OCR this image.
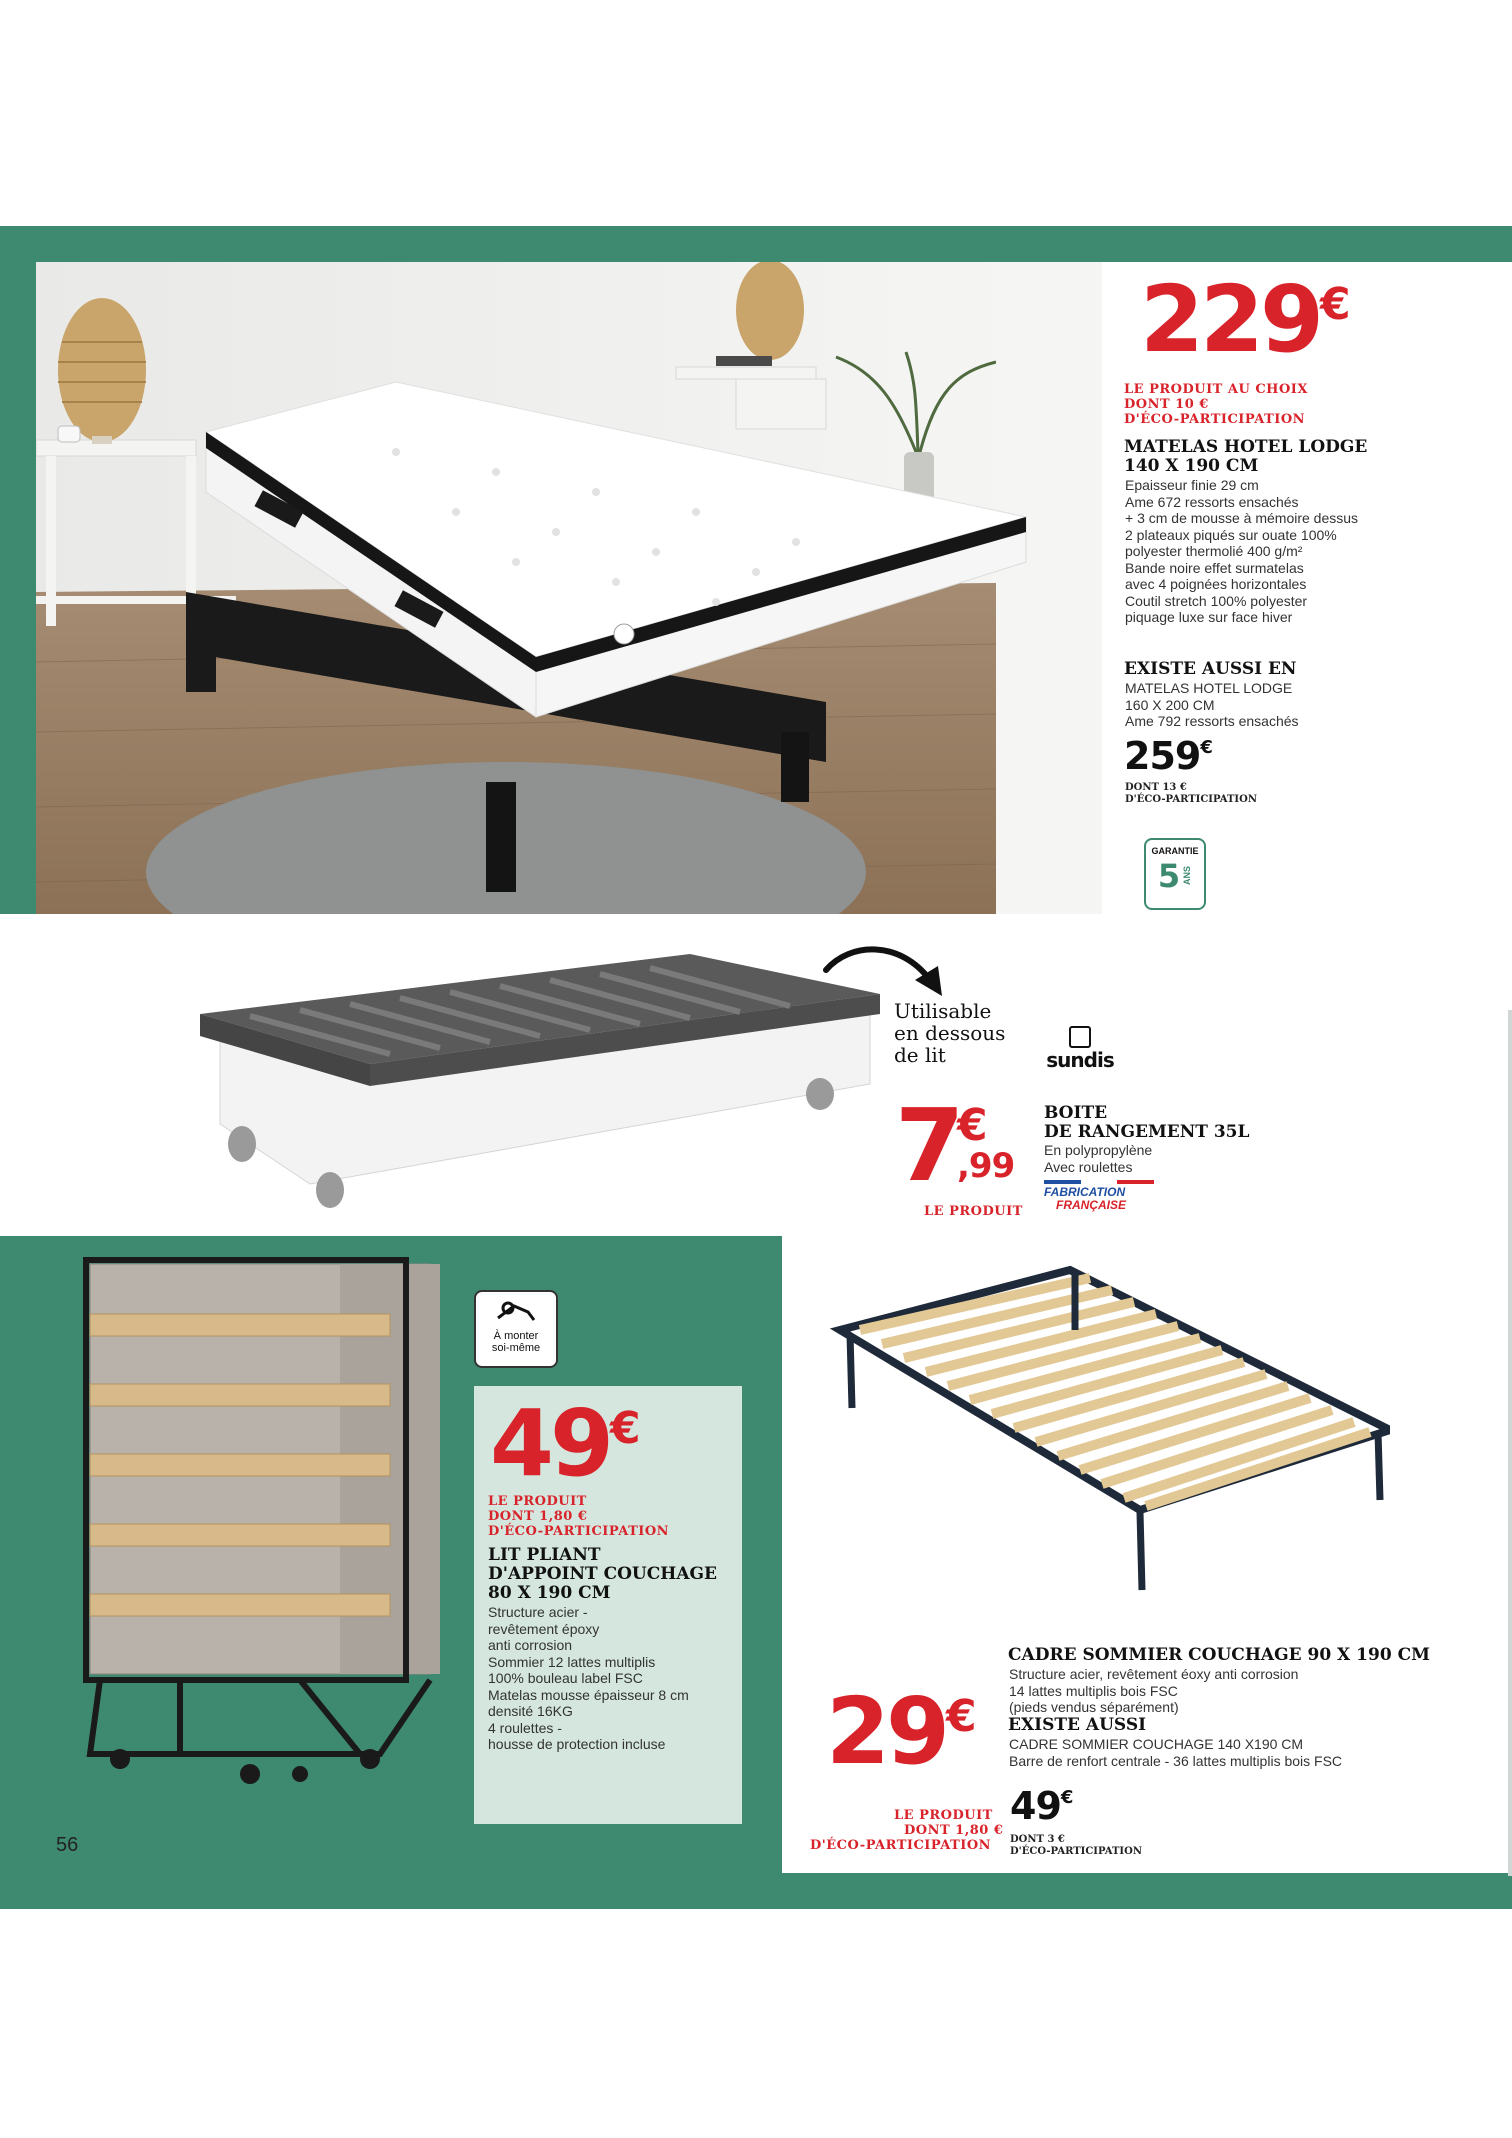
229€
LE PRODUIT AU CHOIX
DONT 10 €
D'ÉCO-PARTICIPATION
MATELAS HOTEL LODGE
140 X 190 CM
Epaisseur finie 29 cm
Ame 672 ressorts ensachés
+ 3 cm de mousse à mémoire dessus
2 plateaux piqués sur ouate 100%
polyester thermolié 400 g/m²
Bande noire effet surmatelas
avec 4 poignées horizontales
Coutil stretch 100% polyester
piquage luxe sur face hiver
EXISTE AUSSI EN
MATELAS HOTEL LODGE
160 X 200 CM
Ame 792 ressorts ensachés
259€
DONT 13 €
D'ÉCO-PARTICIPATION
GARANTIE
5 ANS
Utilisable
en dessous
de lit	sundis
BOITE
DE RANGEMENT 35L
En polypropylène
Avec roulettes
FABRICATION
FRANÇAISE
7
€
,99
LE PRODUIT
À monter
soi-même
49€
LE PRODUIT
DONT 1,80 €
D'ÉCO-PARTICIPATION
LIT PLIANT
D'APPOINT COUCHAGE
80 X 190 CM
Structure acier -
revêtement époxy
anti corrosion
Sommier 12 lattes multiplis
100% bouleau label FSC
Matelas mousse épaisseur 8 cm
densité 16KG
4 roulettes -
housse de protection incluse
CADRE SOMMIER COUCHAGE 90 X 190 CM
Structure acier, revêtement éoxy anti corrosion
14 lattes multiplis bois FSC
(pieds vendus séparément)
EXISTE AUSSI
CADRE SOMMIER COUCHAGE 140 X190 CM
Barre de renfort centrale - 36 lattes multiplis bois FSC
29€
LE PRODUIT
DONT 1,80 €
D'ÉCO-PARTICIPATION
49€
DONT 3 €
D'ÉCO-PARTICIPATION
56
